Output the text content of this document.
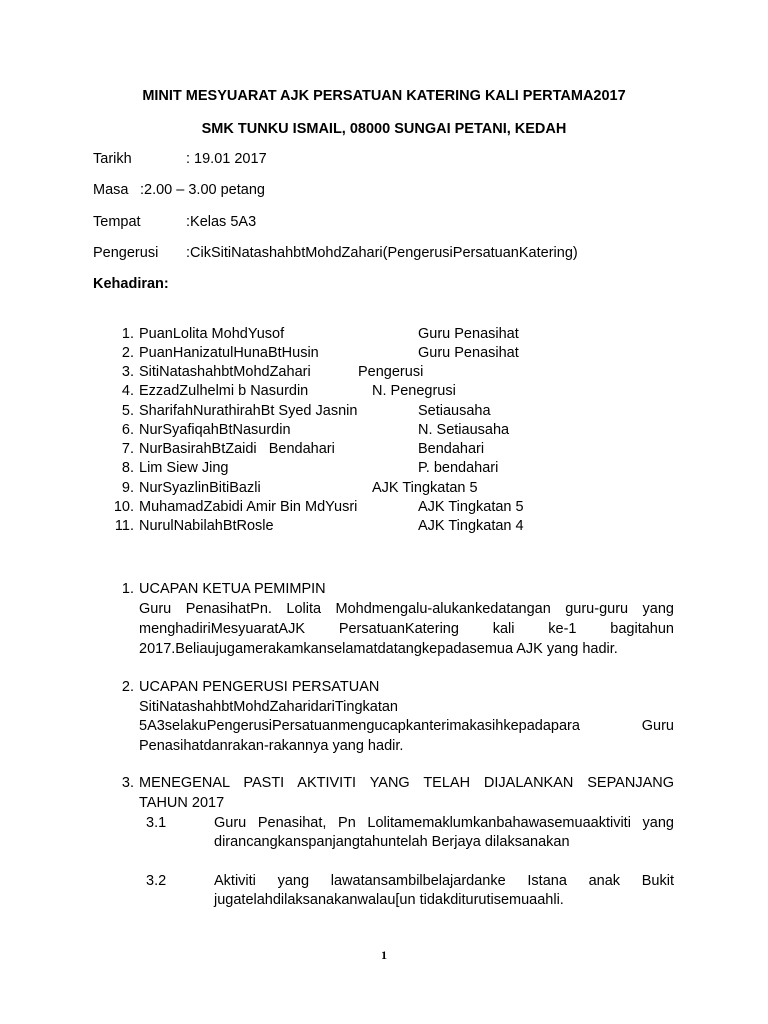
MINIT MESYUARAT AJK PERSATUAN KATERING KALI PERTAMA2017
SMK TUNKU ISMAIL, 08000 SUNGAI PETANI, KEDAH
Tarikh	: 19.01 2017
Masa :2.00 – 3.00 petang
Tempat	:Kelas 5A3
Pengerusi :CikSitiNatashahbtMohdZahari(PengerusiPersatuanKatering)
Kehadiran:
1. PuanLolita MohdYusof	Guru Penasihat
2. PuanHanizatulHunaBtHusin	Guru Penasihat
3. SitiNatashahbtMohdZahari	Pengerusi
4. EzzadZulhelmi b Nasurdin	N. Penegrusi
5. SharifahNurathirahBt Syed Jasnin	Setiausaha
6. NurSyafiqahBtNasurdin	N. Setiausaha
7. NurBasirahBtZaidi   Bendahari	Bendahari
8. Lim Siew Jing	P. bendahari
9. NurSyazlinBitiBazli	AJK Tingkatan 5
10. MuhamadZabidi Amir Bin MdYusri	AJK Tingkatan 5
11. NurulNabilahBtRosle	AJK Tingkatan 4
1. UCAPAN KETUA PEMIMPIN
Guru PenasihatPn. Lolita Mohdmengalu-alukankedatangan guru-guru yang
menghadiriMesyuaratAJK PersatuanKatering kali ke-1 bagitahun
2017.Beliaujugamerakamkanselamatdatangkepadasemua AJK yang hadir.
2. UCAPAN PENGERUSI PERSATUAN
SitiNatashahbtMohdZaharidariTingkatan
5A3selakuPengerusiPersatuanmengucapkanterimakasihkepadapara Guru
Penasihatdanrakan-rakannya yang hadir.
3. MENEGENAL PASTI AKTIVITI YANG TELAH DIJALANKAN SEPANJANG
TAHUN 2017
3.1	Guru Penasihat, Pn Lolitamemaklumkanbahawasemuaaktiviti yang
dirancangkanspanjangtahuntelah Berjaya dilaksanakan
3.2	Aktiviti yang lawatansambilbelajardanke Istana anak Bukit
jugatelahdilaksanakanwalau[un tidakditurutisemuaahli.
1
